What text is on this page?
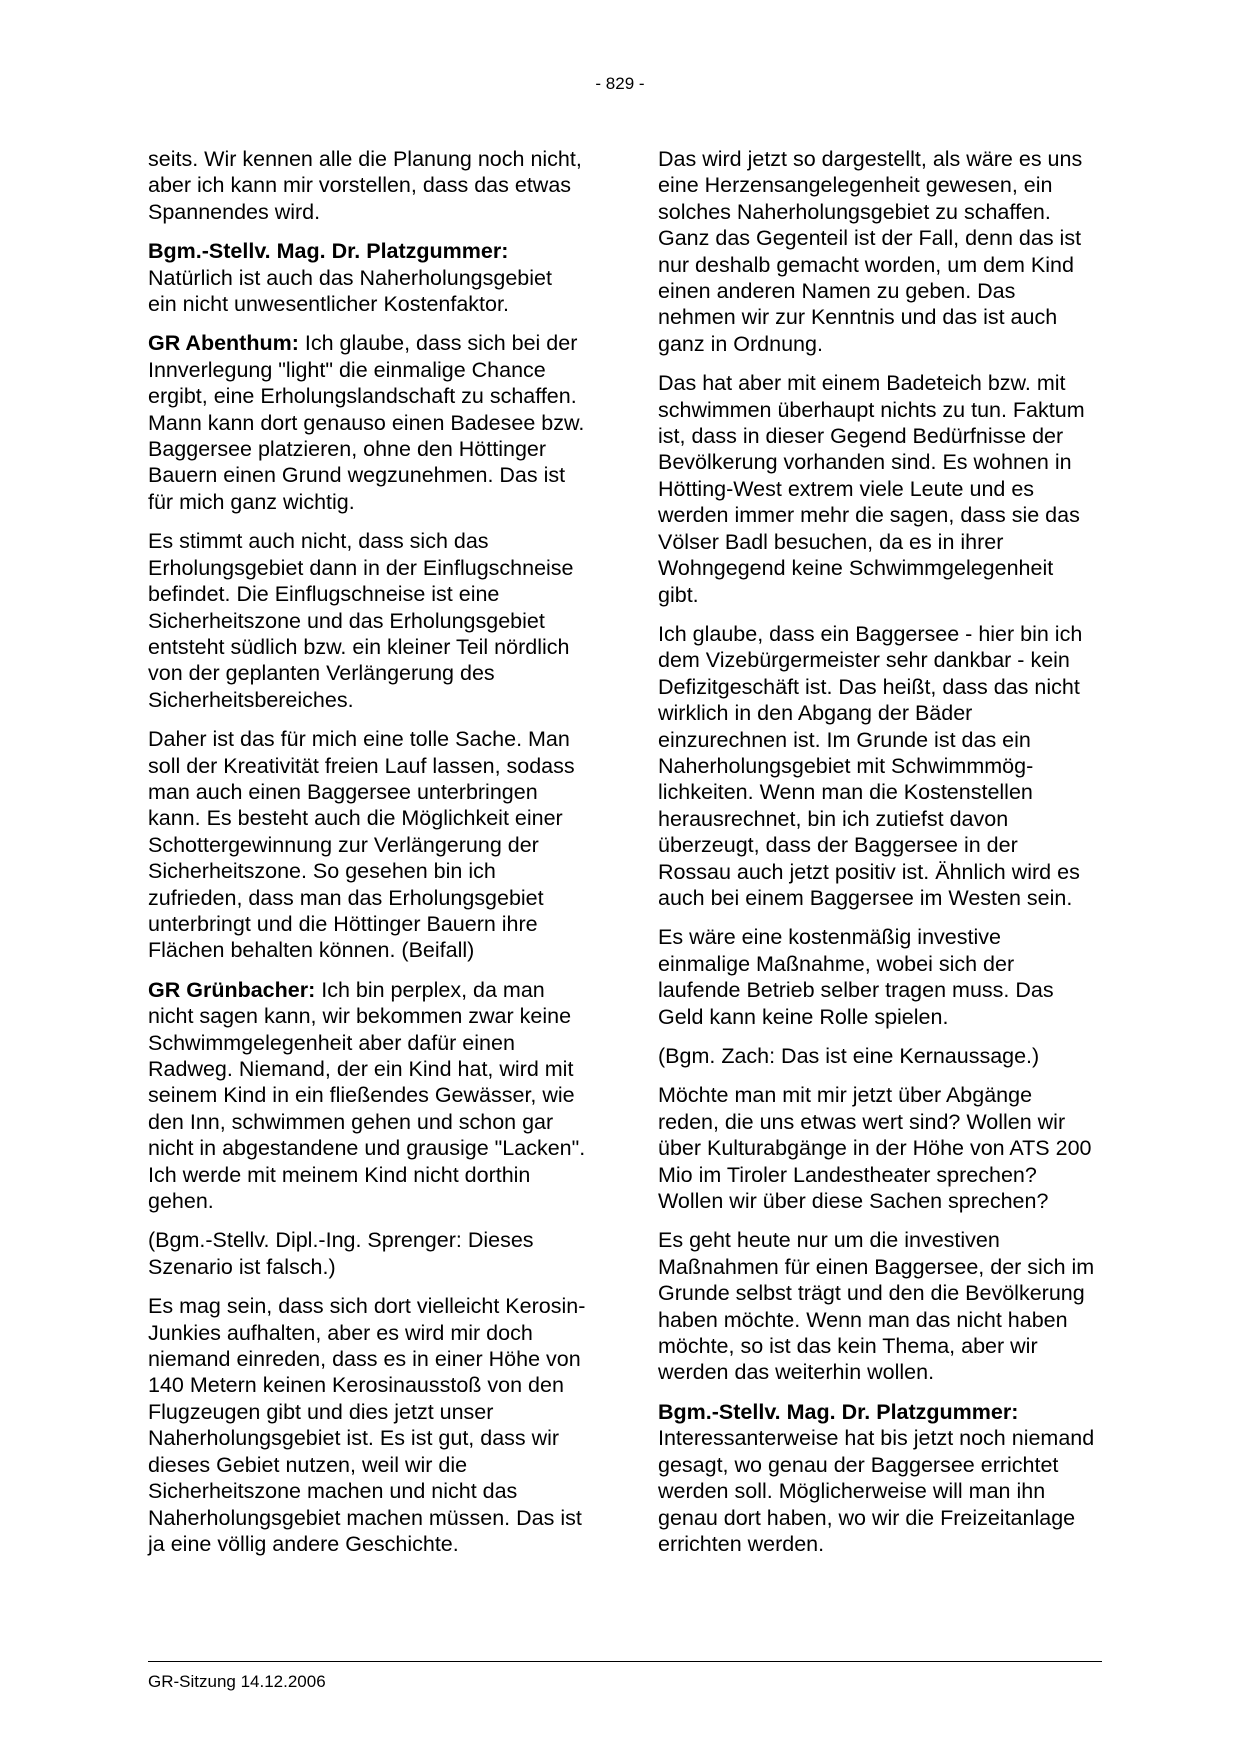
- 829 -

seits. Wir kennen alle die Planung noch nicht, aber ich kann mir vorstellen, dass das etwas Spannendes wird.

Bgm.-Stellv. Mag. Dr. Platzgummer:
Natürlich ist auch das Naherholungsgebiet ein nicht unwesentlicher Kostenfaktor.

GR Abenthum: Ich glaube, dass sich bei der Innverlegung "light" die einmalige Chance ergibt, eine Erholungslandschaft zu schaffen. Mann kann dort genauso einen Badesee bzw. Baggersee platzieren, ohne den Höttinger Bauern einen Grund wegzunehmen. Das ist für mich ganz wichtig.

Es stimmt auch nicht, dass sich das Erholungsgebiet dann in der Einflugschneise befindet. Die Einflugschneise ist eine Sicherheitszone und das Erholungsgebiet entsteht südlich bzw. ein kleiner Teil nördlich von der geplanten Verlängerung des Sicherheitsbereiches.

Daher ist das für mich eine tolle Sache. Man soll der Kreativität freien Lauf lassen, sodass man auch einen Baggersee unterbringen kann. Es besteht auch die Möglichkeit einer Schottergewinnung zur Verlängerung der Sicherheitszone. So gesehen bin ich zufrieden, dass man das Erholungsgebiet unterbringt und die Höttinger Bauern ihre Flächen behalten können. (Beifall)

GR Grünbacher: Ich bin perplex, da man nicht sagen kann, wir bekommen zwar keine Schwimmgelegenheit aber dafür einen Radweg. Niemand, der ein Kind hat, wird mit seinem Kind in ein fließendes Gewässer, wie den Inn, schwimmen gehen und schon gar nicht in abgestandene und grausige "Lacken". Ich werde mit meinem Kind nicht dorthin gehen.

(Bgm.-Stellv. Dipl.-Ing. Sprenger: Dieses Szenario ist falsch.)

Es mag sein, dass sich dort vielleicht Kerosin-Junkies aufhalten, aber es wird mir doch niemand einreden, dass es in einer Höhe von 140 Metern keinen Kerosinausstoß von den Flugzeugen gibt und dies jetzt unser Naherholungsgebiet ist. Es ist gut, dass wir dieses Gebiet nutzen, weil wir die Sicherheitszone machen und nicht das Naherholungsgebiet machen müssen. Das ist ja eine völlig andere Geschichte.

Das wird jetzt so dargestellt, als wäre es uns eine Herzensangelegenheit gewesen, ein solches Naherholungsgebiet zu schaffen. Ganz das Gegenteil ist der Fall, denn das ist nur deshalb gemacht worden, um dem Kind einen anderen Namen zu geben. Das nehmen wir zur Kenntnis und das ist auch ganz in Ordnung.

Das hat aber mit einem Badeteich bzw. mit schwimmen überhaupt nichts zu tun. Faktum ist, dass in dieser Gegend Bedürfnisse der Bevölkerung vorhanden sind. Es wohnen in Hötting-West extrem viele Leute und es werden immer mehr die sagen, dass sie das Völser Badl besuchen, da es in ihrer Wohngegend keine Schwimmgelegenheit gibt.

Ich glaube, dass ein Baggersee - hier bin ich dem Vizebürgermeister sehr dankbar - kein Defizitgeschäft ist. Das heißt, dass das nicht wirklich in den Abgang der Bäder einzurechnen ist. Im Grunde ist das ein Naherholungsgebiet mit Schwimmmöglichkeiten. Wenn man die Kostenstellen herausrechnet, bin ich zutiefst davon überzeugt, dass der Baggersee in der Rossau auch jetzt positiv ist. Ähnlich wird es auch bei einem Baggersee im Westen sein.

Es wäre eine kostenmäßig investive einmalige Maßnahme, wobei sich der laufende Betrieb selber tragen muss. Das Geld kann keine Rolle spielen.

(Bgm. Zach: Das ist eine Kernaussage.)

Möchte man mit mir jetzt über Abgänge reden, die uns etwas wert sind? Wollen wir über Kulturabgänge in der Höhe von ATS 200 Mio im Tiroler Landestheater sprechen? Wollen wir über diese Sachen sprechen?

Es geht heute nur um die investiven Maßnahmen für einen Baggersee, der sich im Grunde selbst trägt und den die Bevölkerung haben möchte. Wenn man das nicht haben möchte, so ist das kein Thema, aber wir werden das weiterhin wollen.

Bgm.-Stellv. Mag. Dr. Platzgummer:
Interessanterweise hat bis jetzt noch niemand gesagt, wo genau der Baggersee errichtet werden soll. Möglicherweise will man ihn genau dort haben, wo wir die Freizeitanlage errichten werden.

GR-Sitzung 14.12.2006
